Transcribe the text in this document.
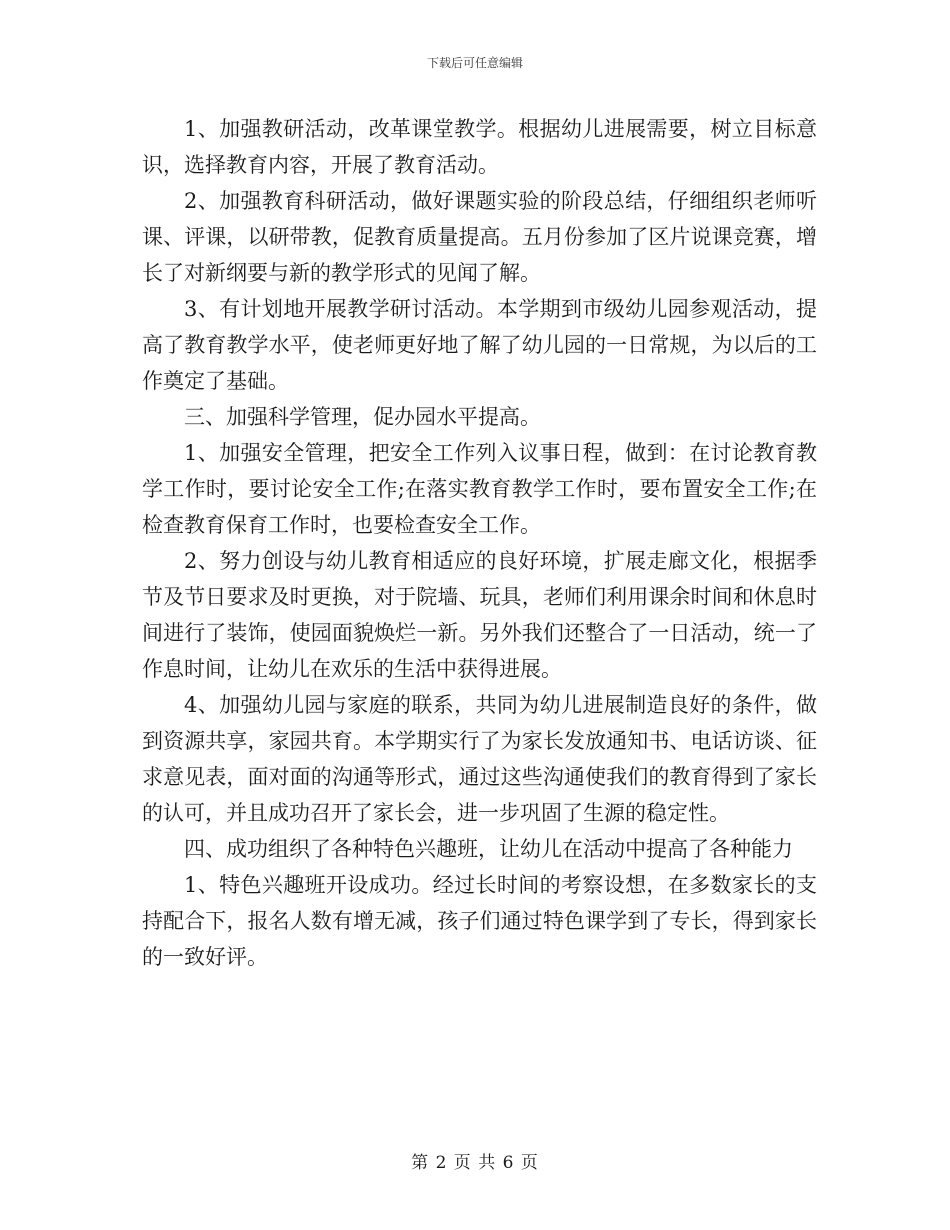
下载后可任意编辑

1、加强教研活动，改革课堂教学。根据幼儿进展需要，树立目标意识，选择教育内容，开展了教育活动。

2、加强教育科研活动，做好课题实验的阶段总结，仔细组织老师听课、评课，以研带教，促教育质量提高。五月份参加了区片说课竞赛，增长了对新纲要与新的教学形式的见闻了解。

3、有计划地开展教学研讨活动。本学期到市级幼儿园参观活动，提高了教育教学水平，使老师更好地了解了幼儿园的一日常规，为以后的工作奠定了基础。

三、加强科学管理，促办园水平提高。

1、加强安全管理，把安全工作列入议事日程，做到：在讨论教育教学工作时，要讨论安全工作;在落实教育教学工作时，要布置安全工作;在检查教育保育工作时，也要检查安全工作。

2、努力创设与幼儿教育相适应的良好环境，扩展走廊文化，根据季节及节日要求及时更换，对于院墙、玩具，老师们利用课余时间和休息时间进行了装饰，使园面貌焕烂一新。另外我们还整合了一日活动，统一了作息时间，让幼儿在欢乐的生活中获得进展。

4、加强幼儿园与家庭的联系，共同为幼儿进展制造良好的条件，做到资源共享，家园共育。本学期实行了为家长发放通知书、电话访谈、征求意见表，面对面的沟通等形式，通过这些沟通使我们的教育得到了家长的认可，并且成功召开了家长会，进一步巩固了生源的稳定性。

四、成功组织了各种特色兴趣班，让幼儿在活动中提高了各种能力

1、特色兴趣班开设成功。经过长时间的考察设想，在多数家长的支持配合下，报名人数有增无减，孩子们通过特色课学到了专长，得到家长的一致好评。

第 2 页 共 6 页
